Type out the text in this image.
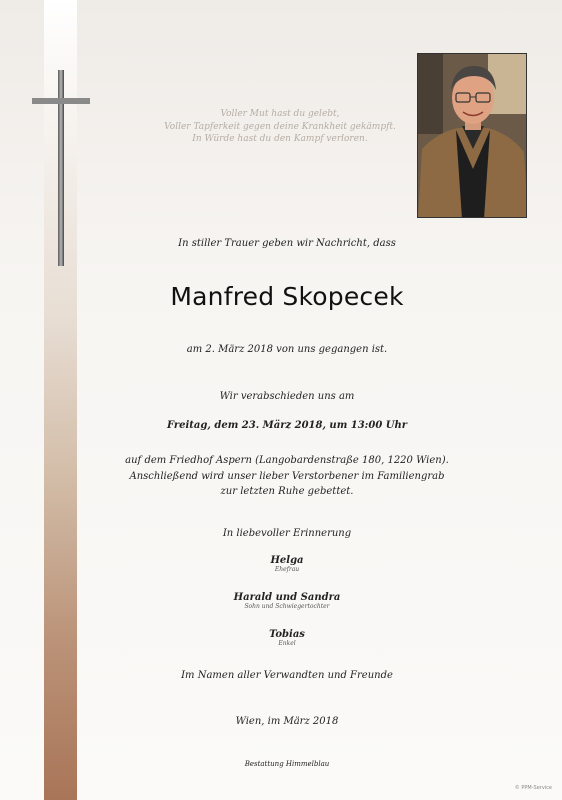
Voller Mut hast du gelebt,
Voller Tapferkeit gegen deine Krankheit gekämpft.
In Würde hast du den Kampf verloren.
In stiller Trauer geben wir Nachricht, dass
Manfred Skopecek
am 2. März 2018 von uns gegangen ist.
Wir verabschieden uns am
Freitag, dem 23. März 2018, um 13:00 Uhr
auf dem Friedhof Aspern (Langobardenstraße 180, 1220 Wien).
Anschließend wird unser lieber Verstorbener im Familiengrab
zur letzten Ruhe gebettet.
In liebevoller Erinnerung
Helga
Ehefrau
Harald und Sandra
Sohn und Schwiegertochter
Tobias
Enkel
Im Namen aller Verwandten und Freunde
Wien, im März 2018
Bestattung Himmelblau
© PPM-Service
